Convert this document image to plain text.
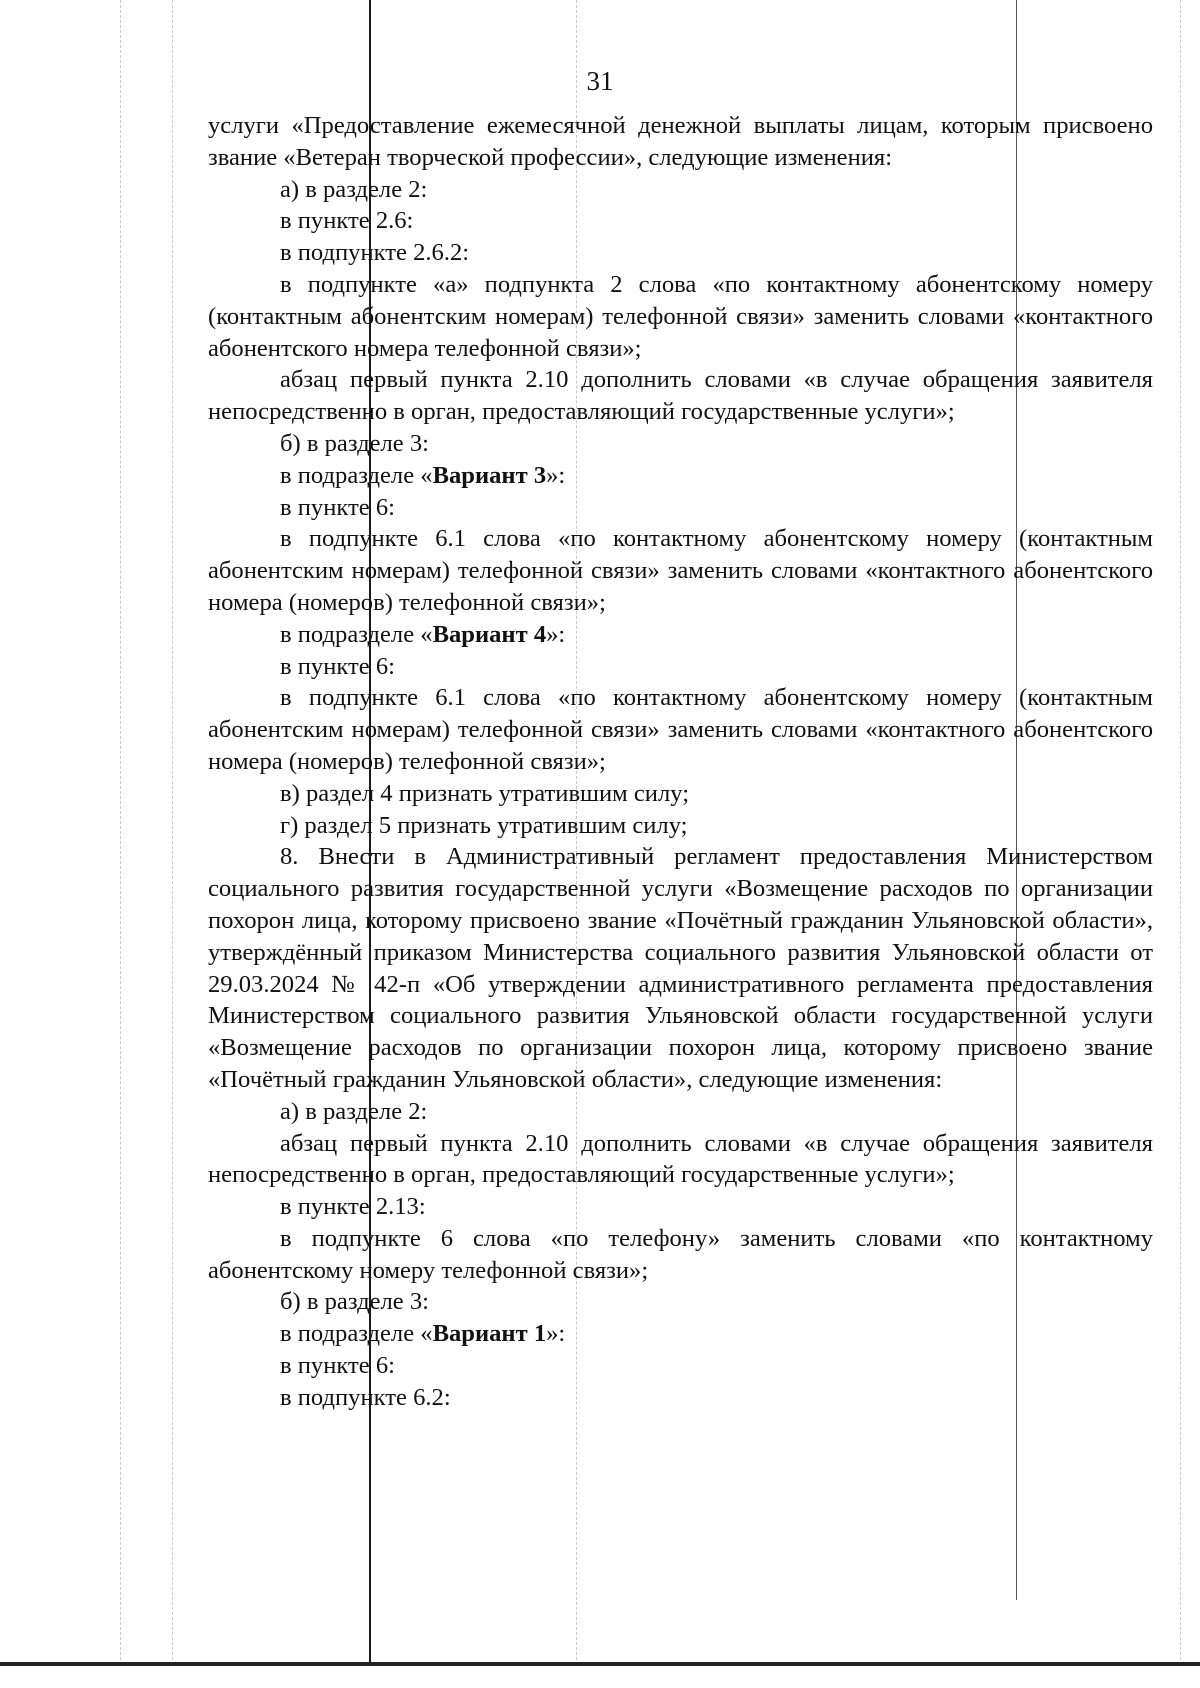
31

услуги «Предоставление ежемесячной денежной выплаты лицам, которым присвоено звание «Ветеран творческой профессии», следующие изменения:

а) в разделе 2:

в пункте 2.6:

в подпункте 2.6.2:

в подпункте «а» подпункта 2 слова «по контактному абонентскому номеру (контактным абонентским номерам) телефонной связи» заменить словами «контактного абонентского номера телефонной связи»;

абзац первый пункта 2.10 дополнить словами «в случае обращения заявителя непосредственно в орган, предоставляющий государственные услуги»;

б) в разделе 3:

в подразделе «Вариант 3»:

в пункте 6:

в подпункте 6.1 слова «по контактному абонентскому номеру (контактным абонентским номерам) телефонной связи» заменить словами «контактного абонентского номера (номеров) телефонной связи»;

в подразделе «Вариант 4»:

в пункте 6:

в подпункте 6.1 слова «по контактному абонентскому номеру (контактным абонентским номерам) телефонной связи» заменить словами «контактного абонентского номера (номеров) телефонной связи»;

в) раздел 4 признать утратившим силу;

г) раздел 5 признать утратившим силу;

8. Внести в Административный регламент предоставления Министерством социального развития государственной услуги «Возмещение расходов по организации похорон лица, которому присвоено звание «Почётный гражданин Ульяновской области», утверждённый приказом Министерства социального развития Ульяновской области от 29.03.2024 № 42-п «Об утверждении административного регламента предоставления Министерством социального развития Ульяновской области государственной услуги «Возмещение расходов по организации похорон лица, которому присвоено звание «Почётный гражданин Ульяновской области», следующие изменения:

а) в разделе 2:

абзац первый пункта 2.10 дополнить словами «в случае обращения заявителя непосредственно в орган, предоставляющий государственные услуги»;

в пункте 2.13:

в подпункте 6 слова «по телефону» заменить словами «по контактному абонентскому номеру телефонной связи»;

б) в разделе 3:

в подразделе «Вариант 1»:

в пункте 6:

в подпункте 6.2:
